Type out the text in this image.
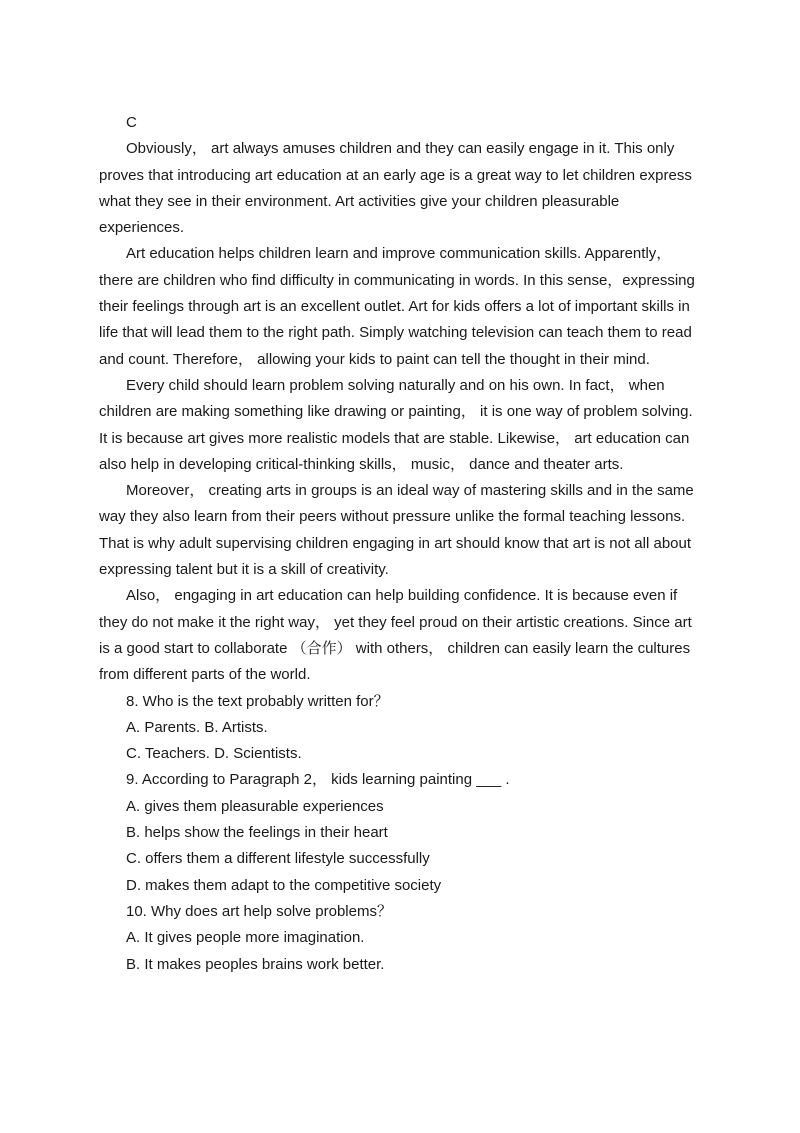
C

Obviously， art always amuses children and they can easily engage in it. This only proves that introducing art education at an early age is a great way to let children express what they see in their environment. Art activities give your children pleasurable experiences.

Art education helps children learn and improve communication skills. Apparently，there are children who find difficulty in communicating in words. In this sense，expressing their feelings through art is an excellent outlet. Art for kids offers a lot of important skills in life that will lead them to the right path. Simply watching television can teach them to read and count. Therefore， allowing your kids to paint can tell the thought in their mind.

Every child should learn problem solving naturally and on his own. In fact， when children are making something like drawing or painting， it is one way of problem solving. It is because art gives more realistic models that are stable. Likewise， art education can also help in developing critical-thinking skills， music， dance and theater arts.

Moreover， creating arts in groups is an ideal way of mastering skills and in the same way they also learn from their peers without pressure unlike the formal teaching lessons. That is why adult supervising children engaging in art should know that art is not all about expressing talent but it is a skill of creativity.

Also， engaging in art education can help building confidence. It is because even if they do not make it the right way， yet they feel proud on their artistic creations. Since art is a good start to collaborate （合作） with others， children can easily learn the cultures from different parts of the world.

8. Who is the text probably written for？

A. Parents. B. Artists.

C. Teachers. D. Scientists.

9. According to Paragraph 2， kids learning painting ___ .

A. gives them pleasurable experiences

B. helps show the feelings in their heart

C. offers them a different lifestyle successfully

D. makes them adapt to the competitive society

10. Why does art help solve problems？

A. It gives people more imagination.

B. It makes peoples brains work better.
